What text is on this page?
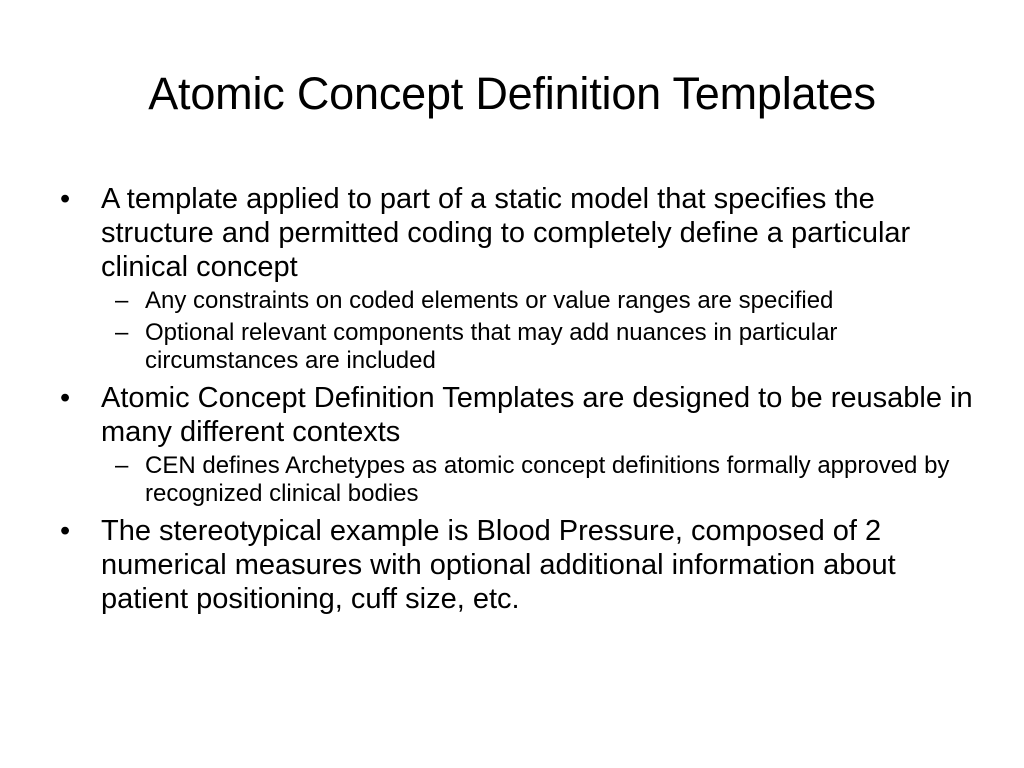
Atomic Concept Definition Templates
•	A template applied to part of a static model that specifies the structure and permitted coding to completely define a particular clinical concept
– Any constraints on coded elements or value ranges are specified
– Optional relevant components that may add nuances in particular circumstances are included
•	Atomic Concept Definition Templates are designed to be reusable in many different contexts
– CEN defines Archetypes as atomic concept definitions formally approved by recognized clinical bodies
•	The stereotypical example is Blood Pressure, composed of 2 numerical measures with optional additional information about patient positioning, cuff size, etc.
